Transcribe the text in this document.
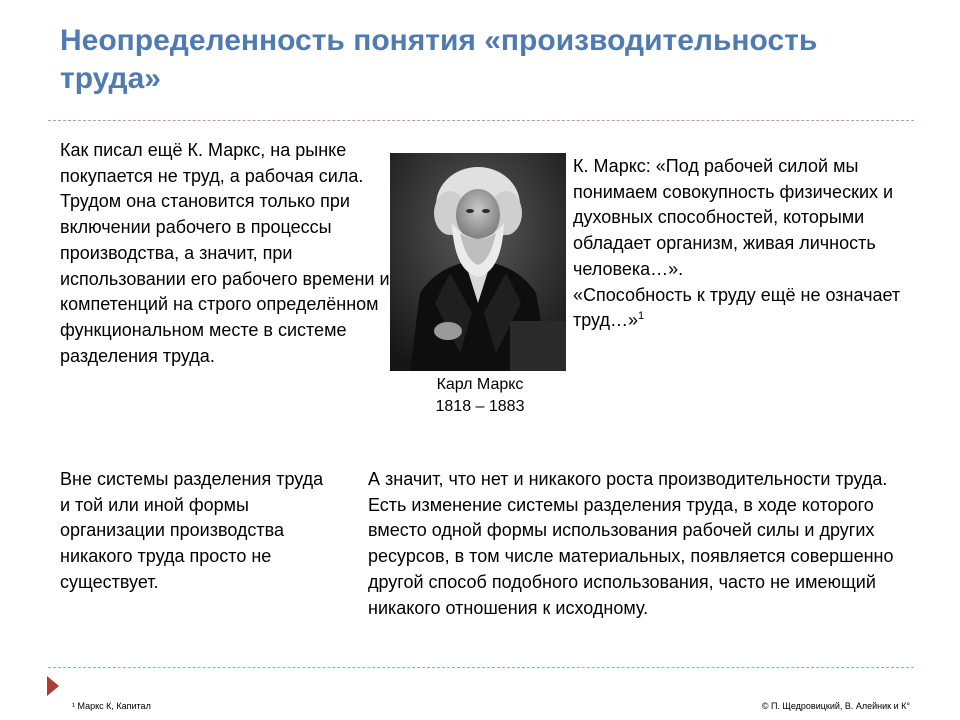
Неопределенность понятия «производительность труда»

Как писал ещё К. Маркс, на рынке покупается не труд, а рабочая сила. Трудом она становится только при включении рабочего в процессы производства, а значит, при использовании его рабочего времени и компетенций на строго определённом функциональном месте в системе разделения труда.

Карл Маркс
1818 – 1883
К. Маркс: «Под рабочей силой мы понимаем совокупность физических и духовных способностей, которыми обладает организм, живая личность человека…».
«Способность к труду ещё не означает труд…»$^1$

Вне системы разделения труда и той или иной формы организации производства никакого труда просто не существует.

А значит, что нет и никакого роста производительности труда. Есть изменение системы разделения труда, в ходе которого вместо одной формы использования рабочей силы и других ресурсов, в том числе материальных, появляется совершенно другой способ подобного использования, часто не имеющий никакого отношения к исходному.

¹ Маркс К, Капитал	© П. Щедровицкий, В. Алейник и К°
